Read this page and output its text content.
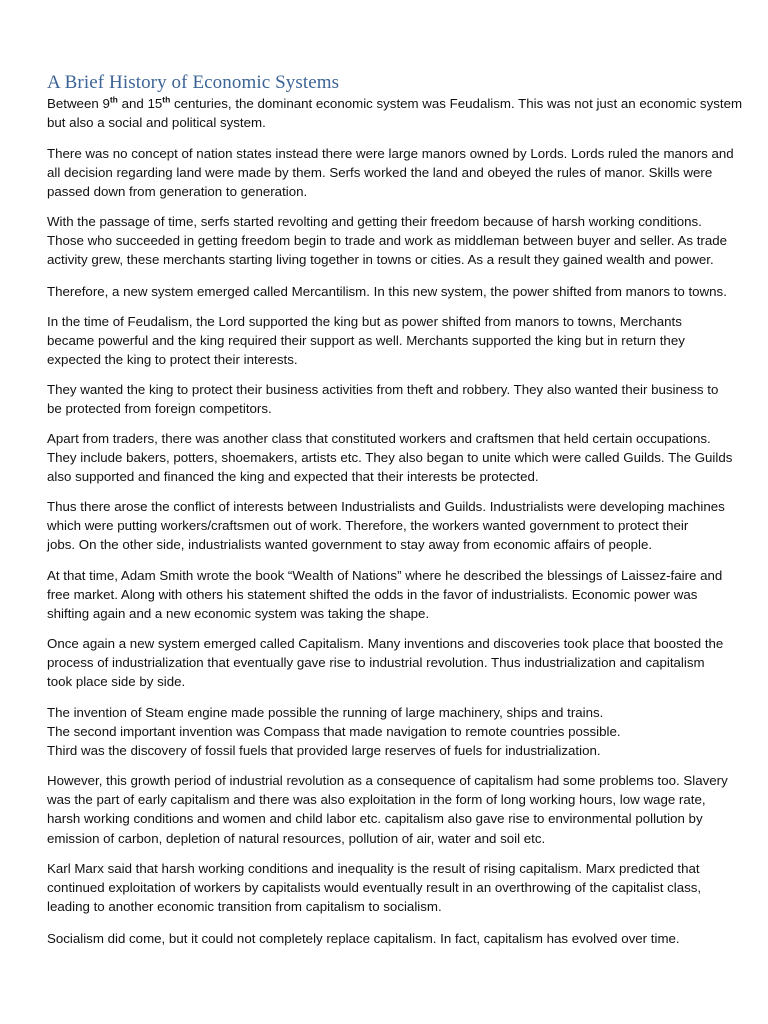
A Brief History of Economic Systems
Between 9th and 15th centuries, the dominant economic system was Feudalism. This was not just an economic system
but also a social and political system.
There was no concept of nation states instead there were large manors owned by Lords. Lords ruled the manors and
all decision regarding land were made by them. Serfs worked the land and obeyed the rules of manor. Skills were
passed down from generation to generation.
With the passage of time, serfs started revolting and getting their freedom because of harsh working conditions.
Those who succeeded in getting freedom begin to trade and work as middleman between buyer and seller. As trade
activity grew, these merchants starting living together in towns or cities. As a result they gained wealth and power.
Therefore, a new system emerged called Mercantilism. In this new system, the power shifted from manors to towns.
In the time of Feudalism, the Lord supported the king but as power shifted from manors to towns, Merchants
became powerful and the king required their support as well. Merchants supported the king but in return they
expected the king to protect their interests.
They wanted the king to protect their business activities from theft and robbery. They also wanted their business to
be protected from foreign competitors.
Apart from traders, there was another class that constituted workers and craftsmen that held certain occupations.
They include bakers, potters, shoemakers, artists etc. They also began to unite which were called Guilds. The Guilds
also supported and financed the king and expected that their interests be protected.
Thus there arose the conflict of interests between Industrialists and Guilds. Industrialists were developing machines
which were putting workers/craftsmen out of work. Therefore, the workers wanted government to protect their
jobs. On the other side, industrialists wanted government to stay away from economic affairs of people.
At that time, Adam Smith wrote the book “Wealth of Nations” where he described the blessings of Laissez-faire and
free market. Along with others his statement shifted the odds in the favor of industrialists. Economic power was
shifting again and a new economic system was taking the shape.
Once again a new system emerged called Capitalism. Many inventions and discoveries took place that boosted the
process of industrialization that eventually gave rise to industrial revolution. Thus industrialization and capitalism
took place side by side.
The invention of Steam engine made possible the running of large machinery, ships and trains.
The second important invention was Compass that made navigation to remote countries possible.
Third was the discovery of fossil fuels that provided large reserves of fuels for industrialization.
However, this growth period of industrial revolution as a consequence of capitalism had some problems too. Slavery
was the part of early capitalism and there was also exploitation in the form of long working hours, low wage rate,
harsh working conditions and women and child labor etc. capitalism also gave rise to environmental pollution by
emission of carbon, depletion of natural resources, pollution of air, water and soil etc.
Karl Marx said that harsh working conditions and inequality is the result of rising capitalism. Marx predicted that
continued exploitation of workers by capitalists would eventually result in an overthrowing of the capitalist class,
leading to another economic transition from capitalism to socialism.
Socialism did come, but it could not completely replace capitalism. In fact, capitalism has evolved over time.
